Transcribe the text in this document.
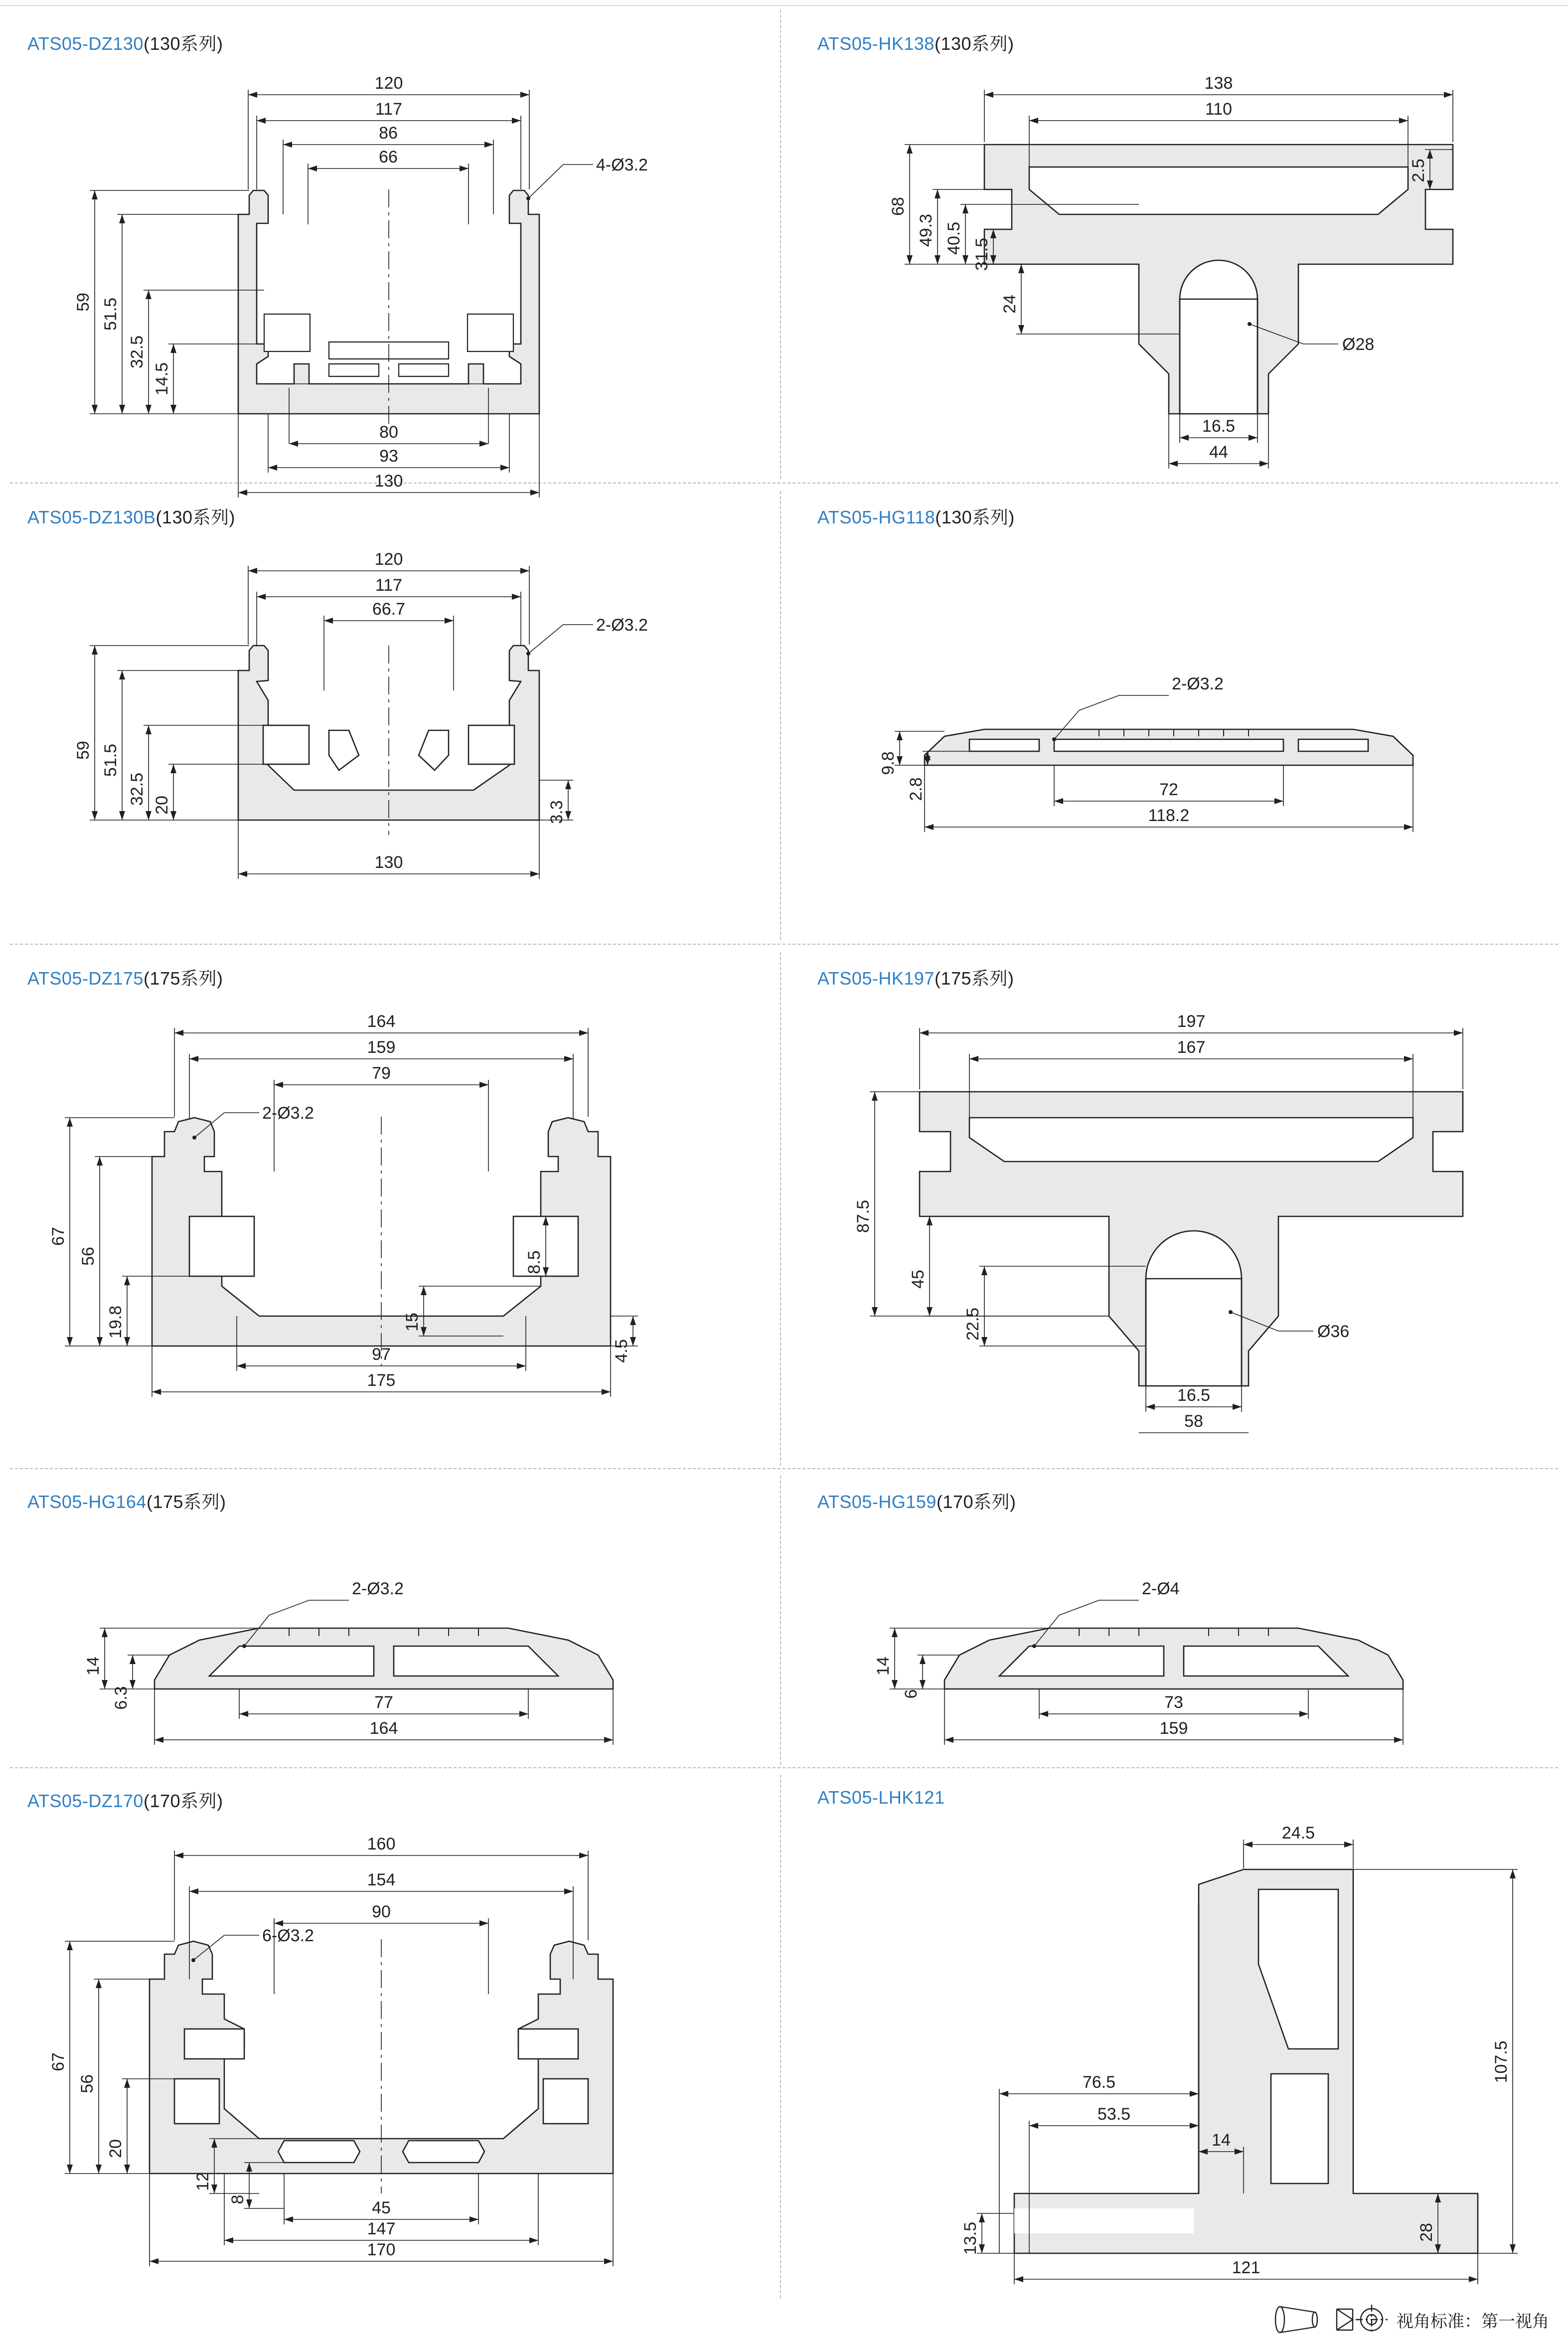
ATS05-DZ130(130系列)
120
117
86
66
80
93
130
59 51.5
32.5
14.5
4-Ø3.2
ATS05-HK138(130系列)
138
110
2.5
68
49.3 40.5 31.5
24
16.5
44
Ø28
ATS05-DZ130B(130系列)
120
117
66.7
130
59 51.5
32.5 20	3.3
2-Ø3.2
ATS05-HG118(130系列)
9.8
2.8	72
118.2
2-Ø3.2
ATS05-DZ175(175系列)
164
159
79
67
56
19.8
97
175
15
8.5
4.5
2-Ø3.2
ATS05-HK197(175系列)
197
167
87.5
45
22.5
16.5
58
Ø36
ATS05-HG164(175系列)
14
6.3	77
164
2-Ø3.2
ATS05-HG159(170系列)
14
6	73
159
2-Ø4
ATS05-DZ170(170系列)
160
154
90
67
56
20
12
8	45
147
170
6-Ø3.2
ATS05-LHK121
24.5
107.5
28
76.5
53.5
14
13.5
121
视角标准：第一视角
